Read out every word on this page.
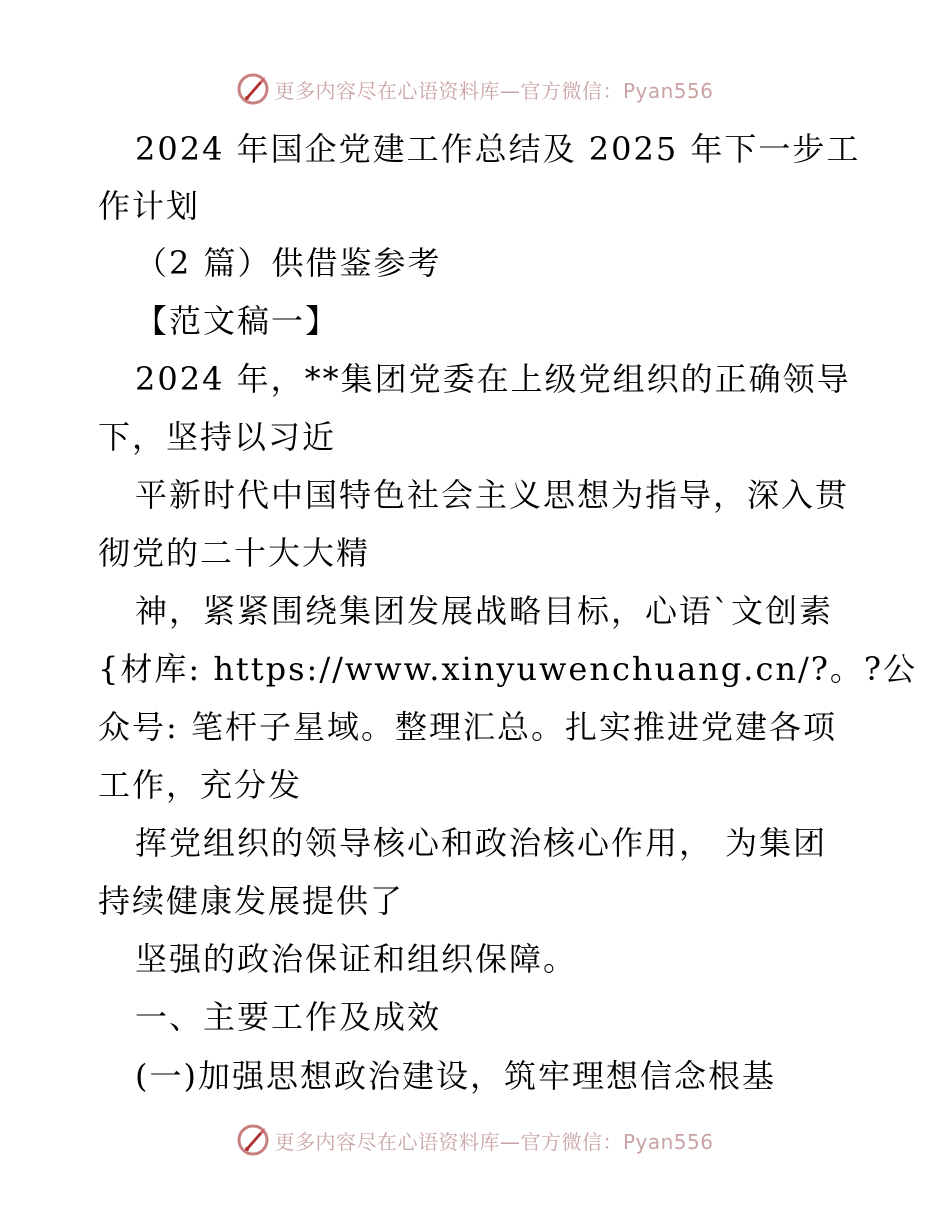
更多内容尽在心语资料库—官方微信：Pyan556
2024 年国企党建工作总结及 2025 年下一步工
作计划
（2 篇）供借鉴参考
【范文稿一】
2024 年，**集团党委在上级党组织的正确领导
下，坚持以习近
平新时代中国特色社会主义思想为指导，深入贯
彻党的二十大大精
神，紧紧围绕集团发展战略目标，心语`文创素
{材库: https://www.xinyuwenchuang.cn/?。?公
众号: 笔杆子星域。整理汇总。扎实推进党建各项
工作，充分发
挥党组织的领导核心和政治核心作用， 为集团
持续健康发展提供了
坚强的政治保证和组织保障。
一、主要工作及成效
(一)加强思想政治建设，筑牢理想信念根基
更多内容尽在心语资料库—官方微信：Pyan556
